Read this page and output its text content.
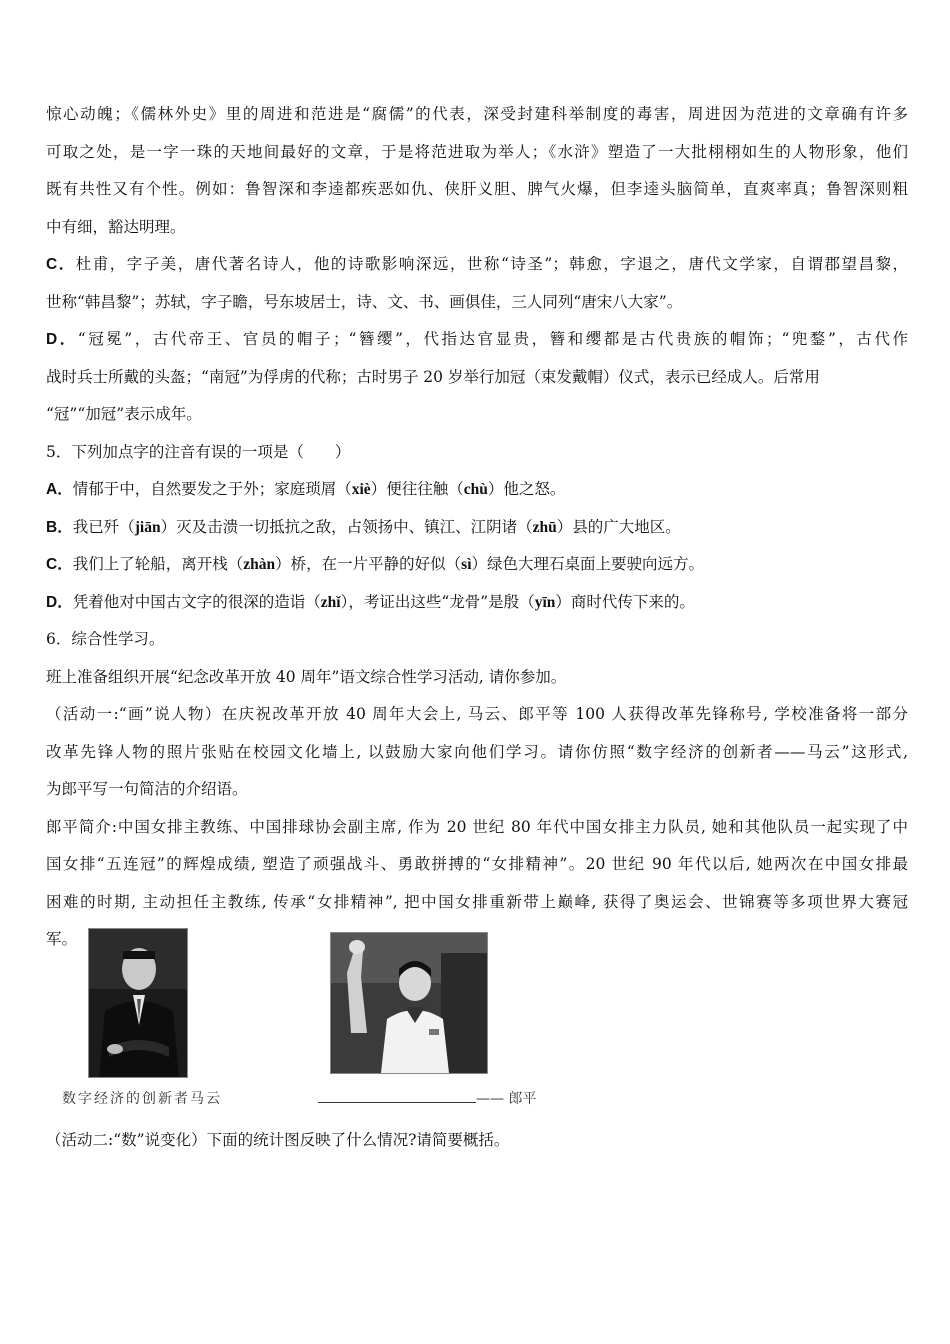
惊心动魄；《儒林外史》里的周进和范进是“腐儒”的代表，深受封建科举制度的毒害，周进因为范进的文章确有许多
可取之处，是一字一珠的天地间最好的文章，于是将范进取为举人；《水浒》塑造了一大批栩栩如生的人物形象，他们
既有共性又有个性。例如：鲁智深和李逵都疾恶如仇、侠肝义胆、脾气火爆，但李逵头脑简单，直爽率真；鲁智深则粗
中有细，豁达明理。
C．杜甫，字子美，唐代著名诗人，他的诗歌影响深远，世称“诗圣”；韩愈，字退之，唐代文学家，自谓郡望昌黎，
世称“韩昌黎”；苏轼，字子瞻，号东坡居士，诗、文、书、画俱佳，三人同列“唐宋八大家”。
D．“冠冕”，古代帝王、官员的帽子；“簪缨”，代指达官显贵，簪和缨都是古代贵族的帽饰；“兜鍪”，古代作
战时兵士所戴的头盔；“南冠”为俘虏的代称；古时男子 20 岁举行加冠（束发戴帽）仪式，表示已经成人。后常用
“冠”“加冠”表示成年。
5．下列加点字的注音有误的一项是（　　）
A．情郁于中，自然要发之于外；家庭琐屑（xiè）便往往触（chù）他之怒。
B．我已歼（jiān）灭及击溃一切抵抗之敌，占领扬中、镇江、江阴诸（zhū）县的广大地区。
C．我们上了轮船，离开栈（zhàn）桥，在一片平静的好似（sì）绿色大理石桌面上要驶向远方。
D．凭着他对中国古文字的很深的造诣（zhǐ），考证出这些“龙骨”是殷（yīn）商时代传下来的。
6．综合性学习。
班上准备组织开展“纪念改革开放 40 周年”语文综合性学习活动, 请你参加。
（活动一:“画”说人物）在庆祝改革开放 40 周年大会上, 马云、郎平等 100 人获得改革先锋称号, 学校准备将一部分
改革先锋人物的照片张贴在校园文化墙上, 以鼓励大家向他们学习。请你仿照“数字经济的创新者——马云”这形式,
为郎平写一句简洁的介绍语。
郎平简介:中国女排主教练、中国排球协会副主席, 作为 20 世纪 80 年代中国女排主力队员, 她和其他队员一起实现了中
国女排“五连冠”的辉煌成绩, 塑造了顽强战斗、勇敢拼搏的“女排精神”。20 世纪 90 年代以后, 她两次在中国女排最
困难的时期, 主动担任主教练, 传承“女排精神”, 把中国女排重新带上巅峰, 获得了奥运会、世锦赛等多项世界大赛冠
军。
数字经济的创新者马云	—— 郎平
（活动二:“数”说变化）下面的统计图反映了什么情况?请简要概括。
